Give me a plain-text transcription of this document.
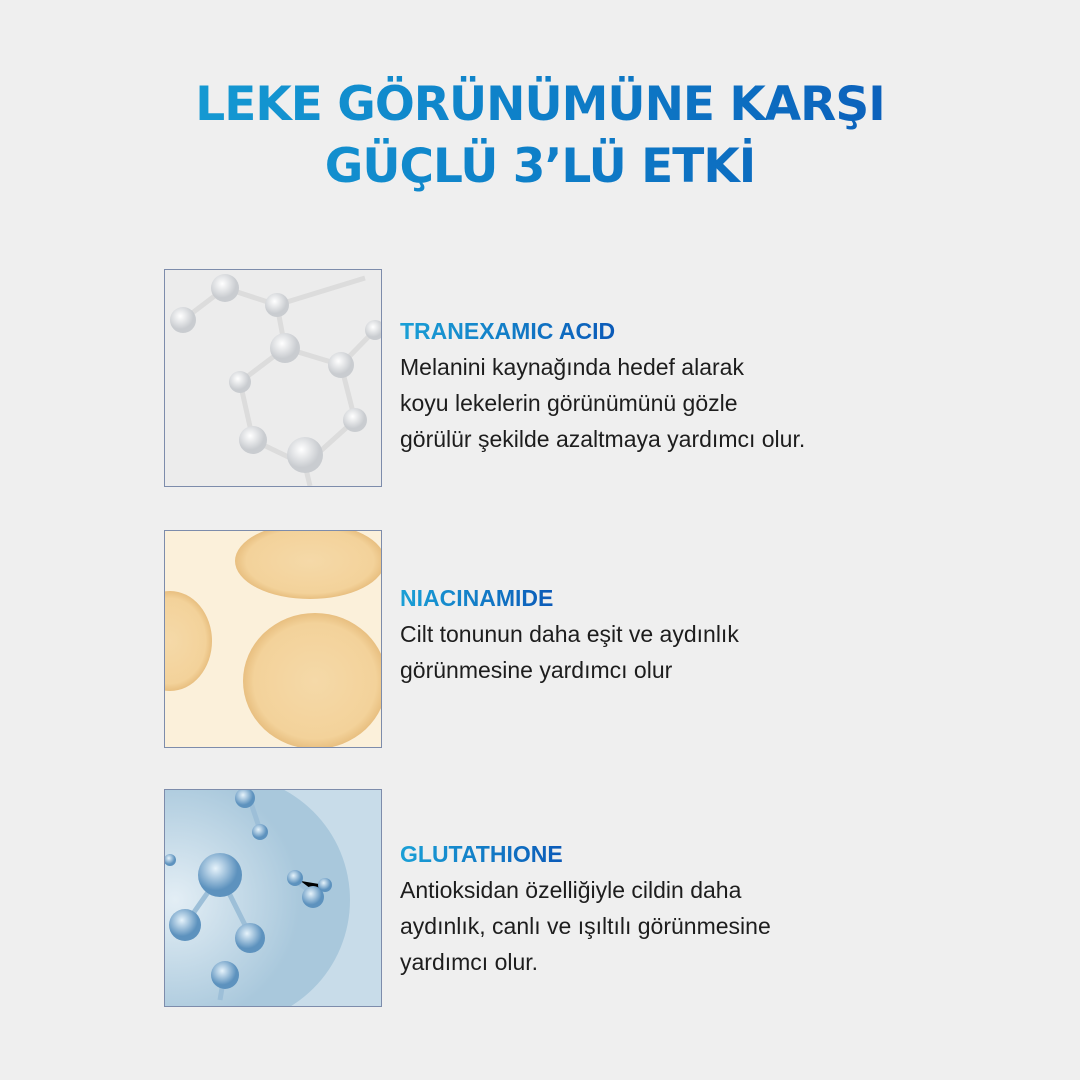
LEKE GÖRÜNÜMÜNE KARŞI
GÜÇLÜ 3’LÜ ETKİ
TRANEXAMIC ACID
Melanini kaynağında hedef alarak
koyu lekelerin görünümünü gözle
görülür şekilde azaltmaya yardımcı olur.
NIACINAMIDE
Cilt tonunun daha eşit ve aydınlık
görünmesine yardımcı olur
GLUTATHIONE
Antioksidan özelliğiyle cildin daha
aydınlık, canlı ve ışıltılı görünmesine
yardımcı olur.
